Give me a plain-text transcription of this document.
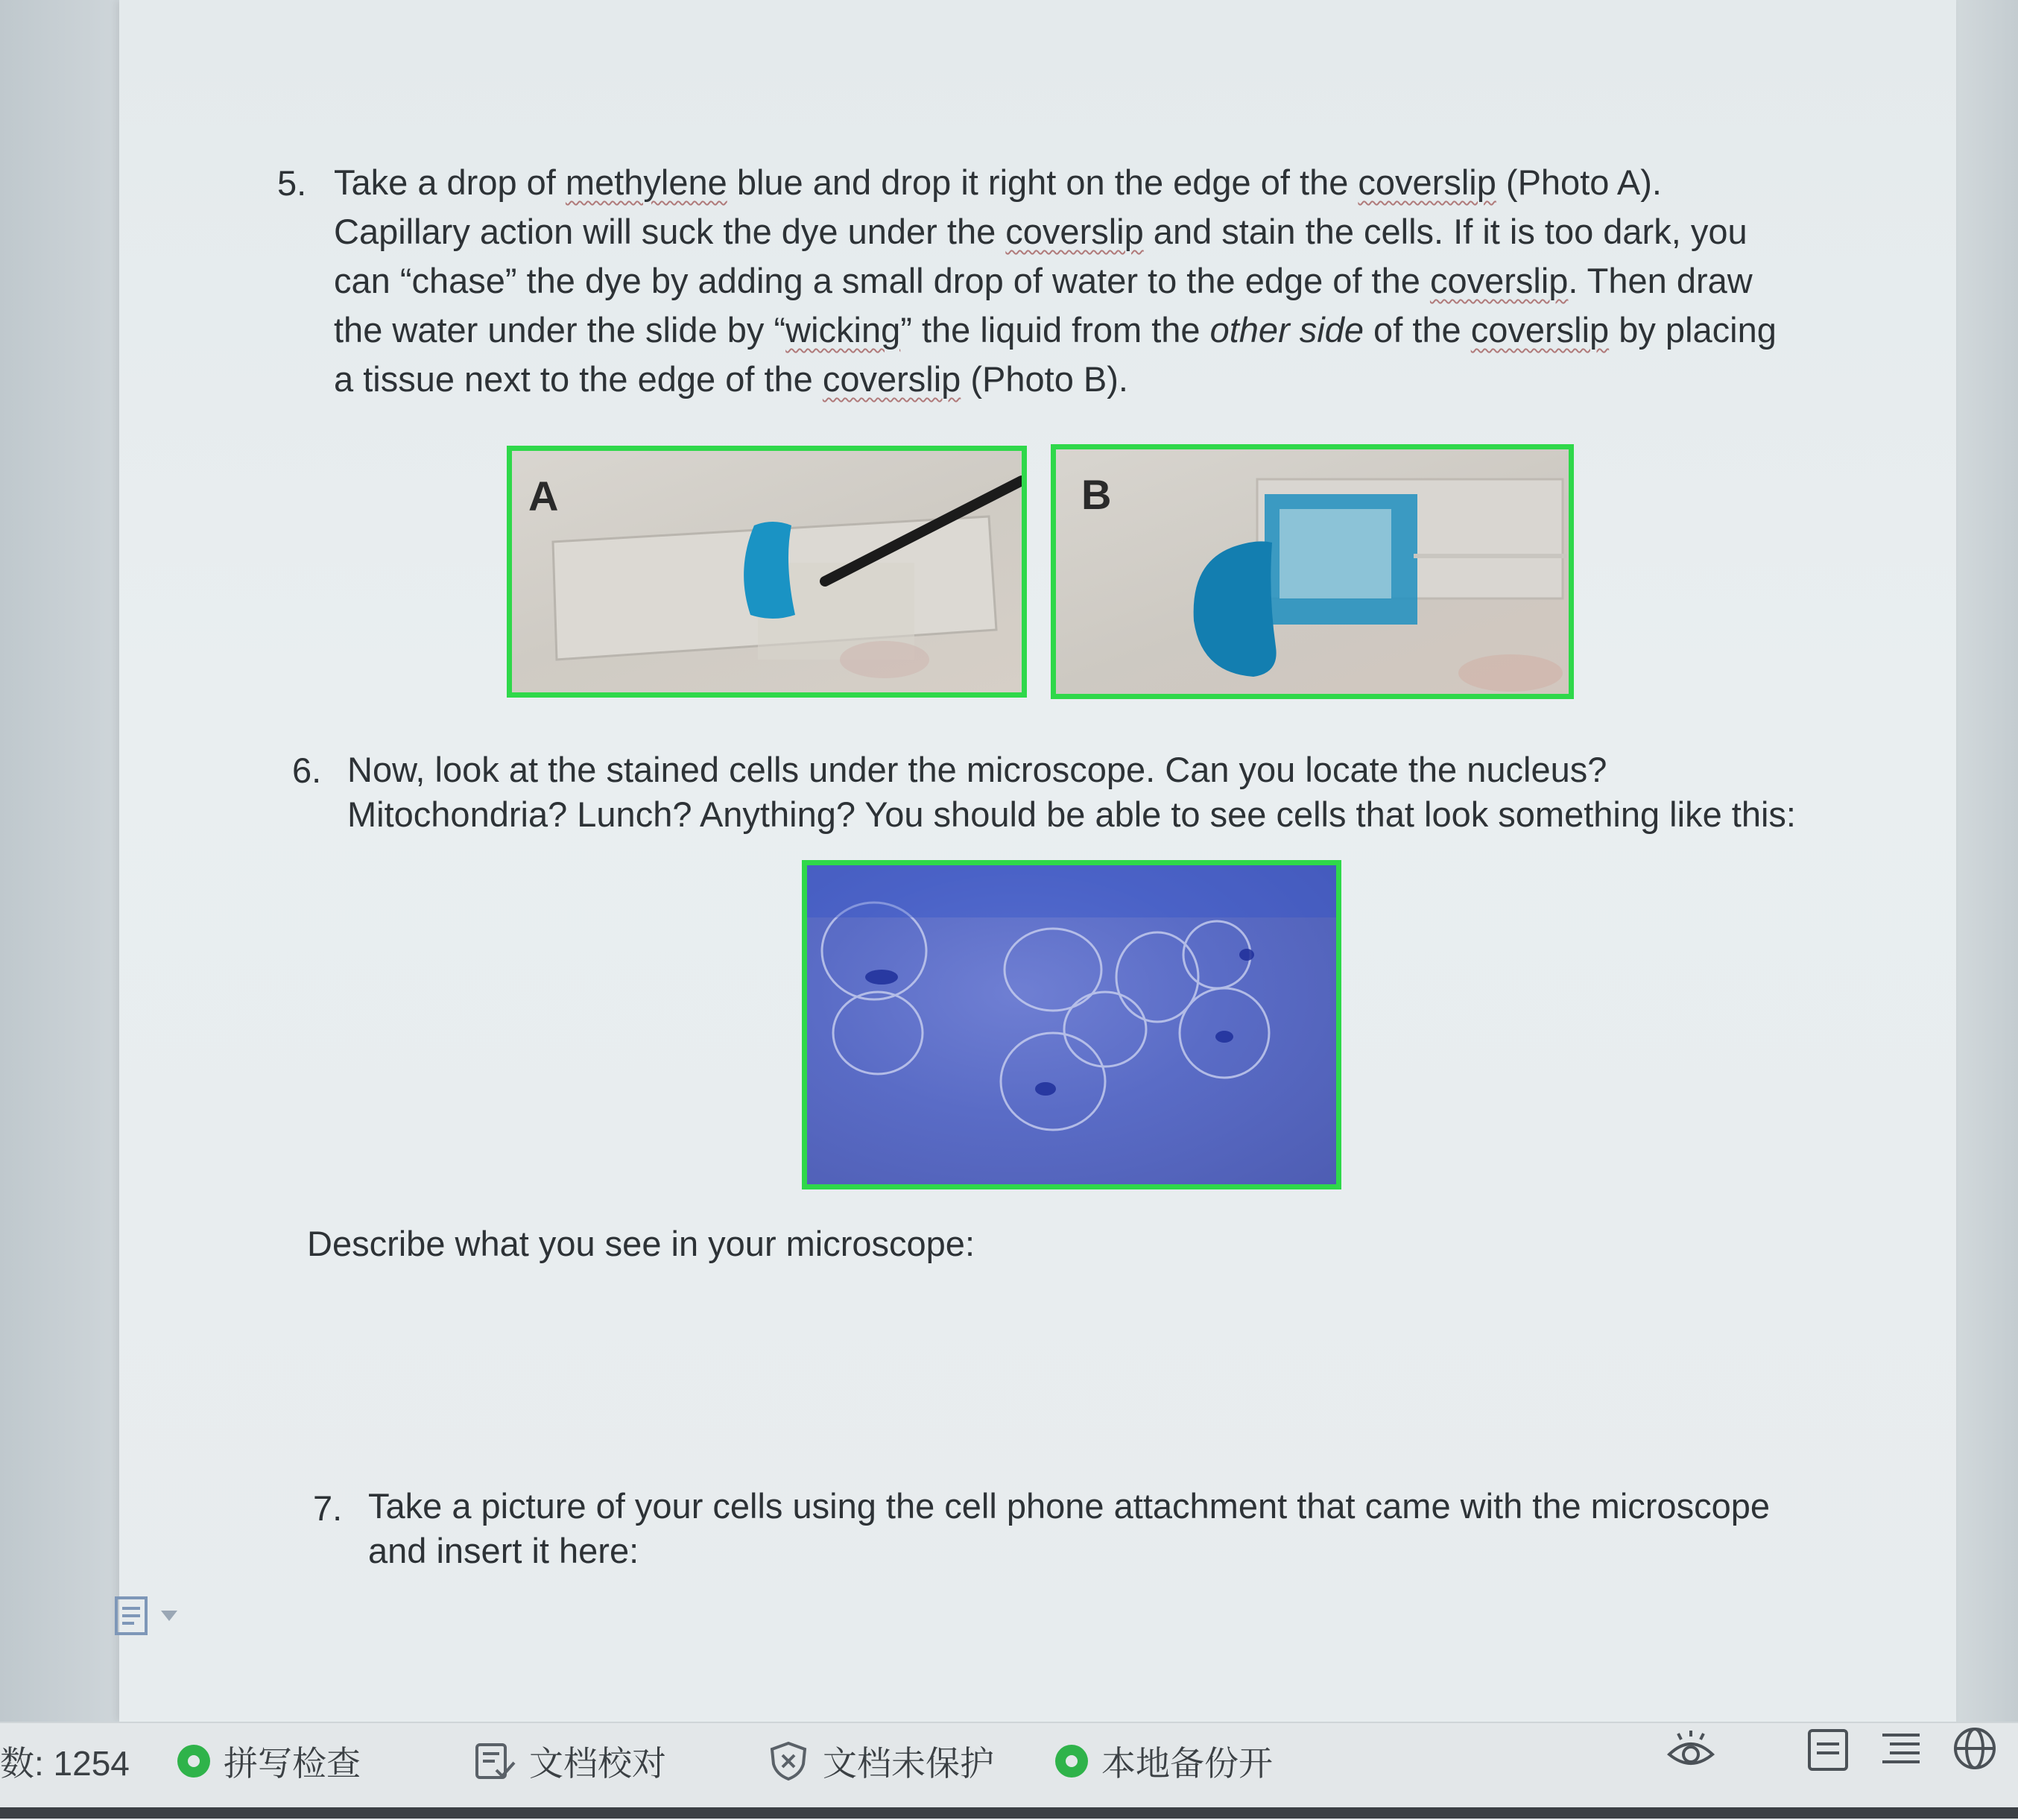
5. Take a drop of methylene blue and drop it right on the edge of the coverslip (Photo A).
Capillary action will suck the dye under the coverslip and stain the cells. If it is too dark, you
can “chase” the dye by adding a small drop of water to the edge of the coverslip. Then draw
the water under the slide by “wicking” the liquid from the other side of the coverslip by placing
a tissue next to the edge of the coverslip (Photo B).
A	B
6. Now, look at the stained cells under the microscope. Can you locate the nucleus?
Mitochondria? Lunch? Anything? You should be able to see cells that look something like this:
Describe what you see in your microscope:
7. Take a picture of your cells using the cell phone attachment that came with the microscope
and insert it here:
数: 1254	拼写检查	文档校对	文档未保护	本地备份开
